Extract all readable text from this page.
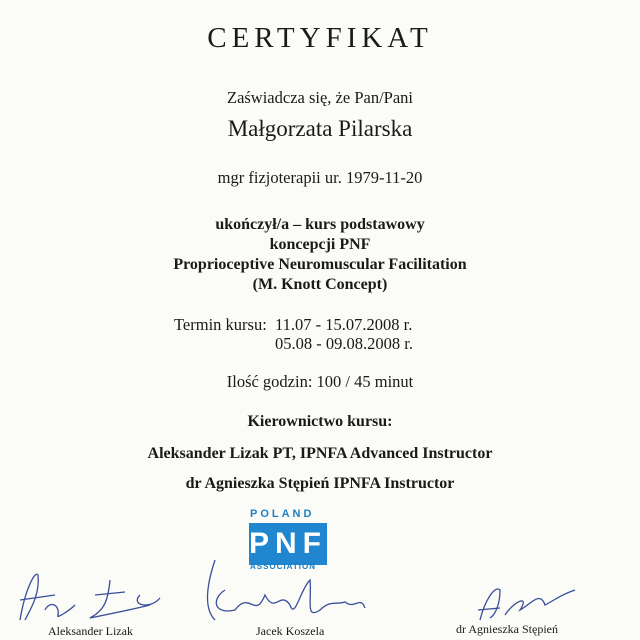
CERTYFIKAT
Zaświadcza się, że Pan/Pani
Małgorzata Pilarska
mgr fizjoterapii ur. 1979-11-20
ukończył/a – kurs podstawowy
koncepcji PNF
Proprioceptive Neuromuscular Facilitation
(M. Knott Concept)
Termin kursu: 11.07 - 15.07.2008 r.
05.08 - 09.08.2008 r.
Ilość godzin: 100 / 45 minut
Kierownictwo kursu:
Aleksander Lizak PT, IPNFA Advanced Instructor
dr Agnieszka Stępień IPNFA Instructor
POLAND
PNF
ASSOCIATION
Aleksander Lizak	Jacek Koszela	dr Agnieszka Stępień
